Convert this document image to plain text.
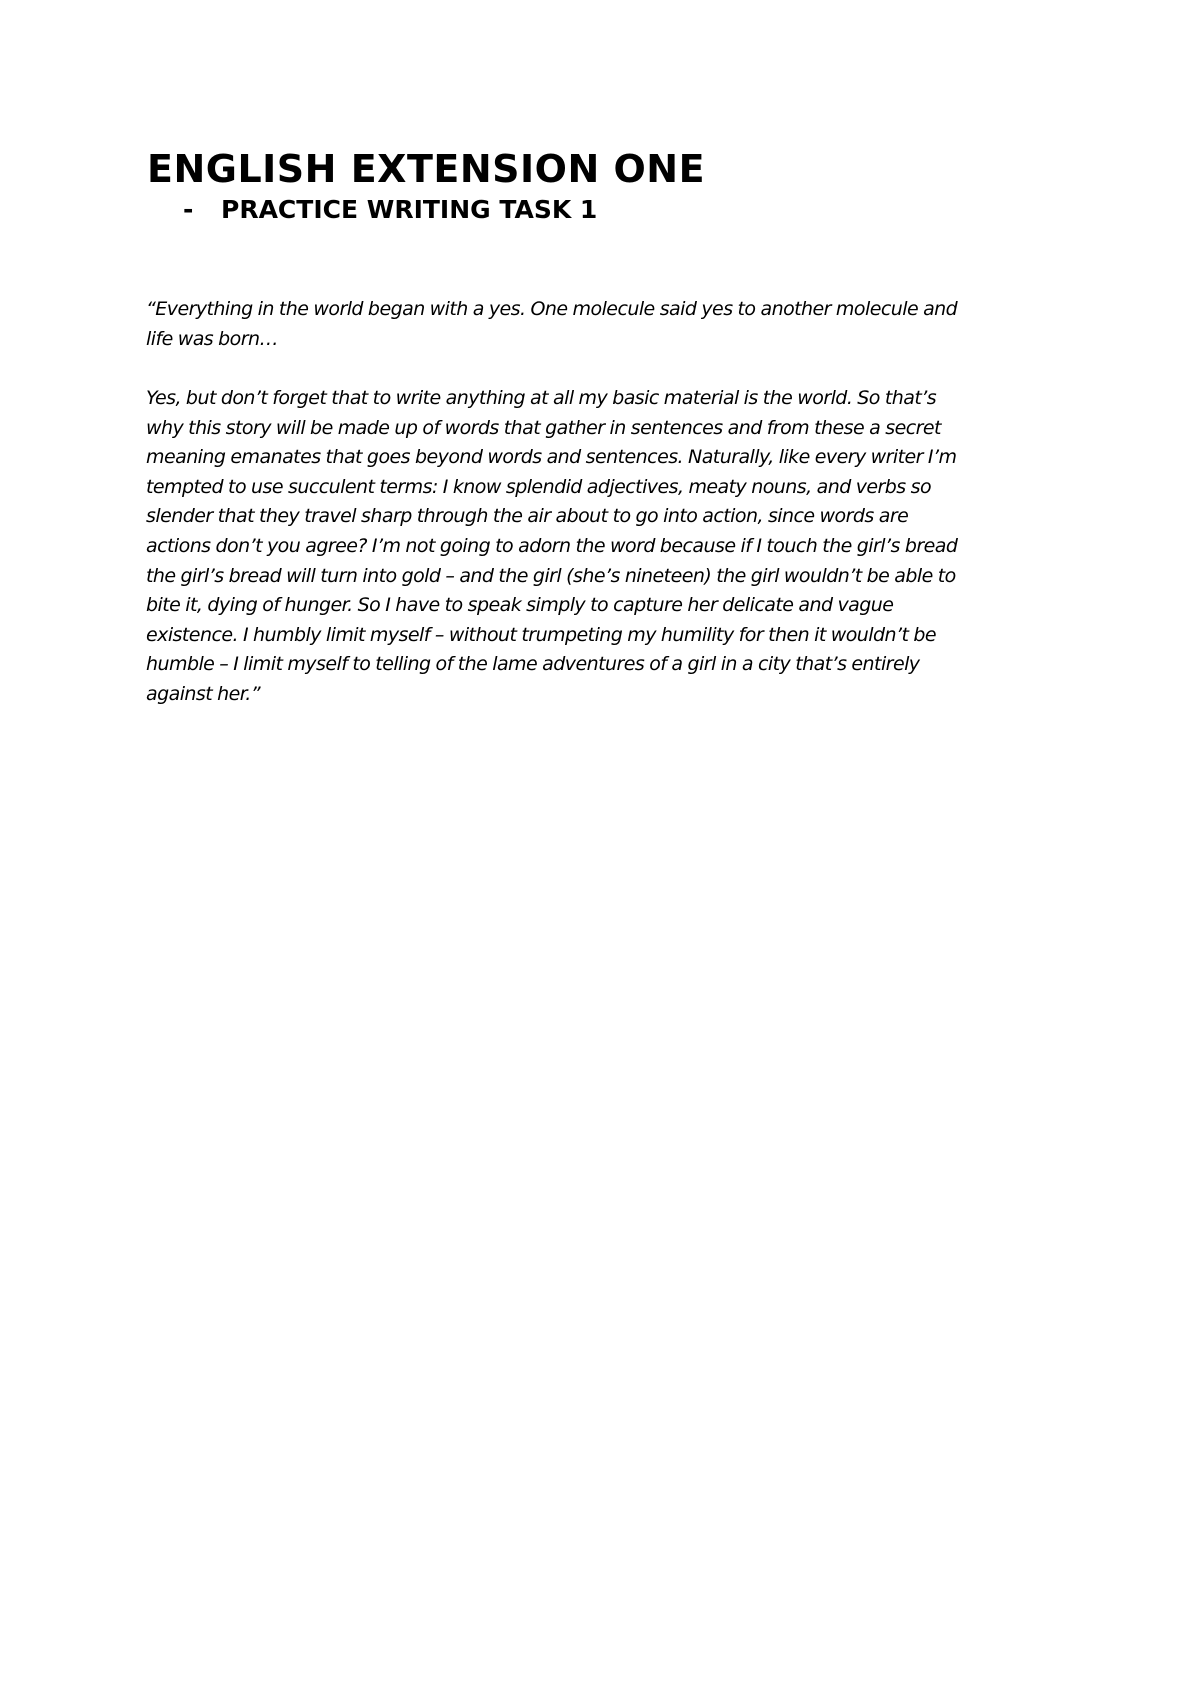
ENGLISH EXTENSION ONE
- PRACTICE WRITING TASK 1

“Everything in the world began with a yes. One molecule said yes to another molecule and
life was born…

Yes, but don’t forget that to write anything at all my basic material is the world. So that’s
why this story will be made up of words that gather in sentences and from these a secret
meaning emanates that goes beyond words and sentences. Naturally, like every writer I’m
tempted to use succulent terms: I know splendid adjectives, meaty nouns, and verbs so
slender that they travel sharp through the air about to go into action, since words are
actions don’t you agree? I’m not going to adorn the word because if I touch the girl’s bread
the girl’s bread will turn into gold – and the girl (she’s nineteen) the girl wouldn’t be able to
bite it, dying of hunger. So I have to speak simply to capture her delicate and vague
existence. I humbly limit myself – without trumpeting my humility for then it wouldn’t be
humble – I limit myself to telling of the lame adventures of a girl in a city that’s entirely
against her.”
